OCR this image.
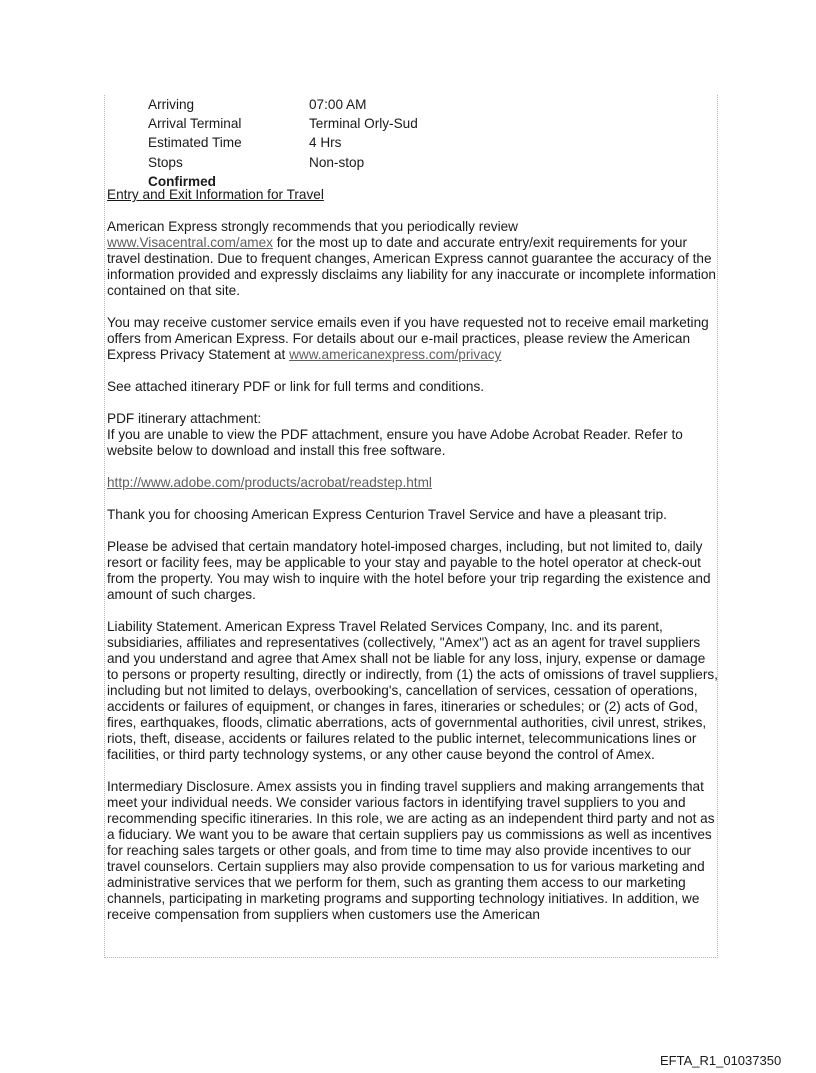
Arriving	07:00 AM
Arrival Terminal	Terminal Orly-Sud
Estimated Time	4 Hrs
Stops	Non-stop
Confirmed

Entry and Exit Information for Travel

American Express strongly recommends that you periodically review
www.Visacentral.com/amex for the most up to date and accurate entry/exit requirements for your travel destination. Due to frequent changes, American Express cannot guarantee the accuracy of the information provided and expressly disclaims any liability for any inaccurate or incomplete information contained on that site.

You may receive customer service emails even if you have requested not to receive email marketing offers from American Express. For details about our e-mail practices, please review the American Express Privacy Statement at www.americanexpress.com/privacy

See attached itinerary PDF or link for full terms and conditions.

PDF itinerary attachment:
If you are unable to view the PDF attachment, ensure you have Adobe Acrobat Reader. Refer to website below to download and install this free software.

http://www.adobe.com/products/acrobat/readstep.html

Thank you for choosing American Express Centurion Travel Service and have a pleasant trip.

Please be advised that certain mandatory hotel-imposed charges, including, but not limited to, daily resort or facility fees, may be applicable to your stay and payable to the hotel operator at check-out from the property. You may wish to inquire with the hotel before your trip regarding the existence and amount of such charges.

Liability Statement. American Express Travel Related Services Company, Inc. and its parent, subsidiaries, affiliates and representatives (collectively, "Amex") act as an agent for travel suppliers and you understand and agree that Amex shall not be liable for any loss, injury, expense or damage to persons or property resulting, directly or indirectly, from (1) the acts of omissions of travel suppliers, including but not limited to delays, overbooking's, cancellation of services, cessation of operations, accidents or failures of equipment, or changes in fares, itineraries or schedules; or (2) acts of God, fires, earthquakes, floods, climatic aberrations, acts of governmental authorities, civil unrest, strikes, riots, theft, disease, accidents or failures related to the public internet, telecommunications lines or facilities, or third party technology systems, or any other cause beyond the control of Amex.

Intermediary Disclosure. Amex assists you in finding travel suppliers and making arrangements that meet your individual needs. We consider various factors in identifying travel suppliers to you and recommending specific itineraries. In this role, we are acting as an independent third party and not as a fiduciary. We want you to be aware that certain suppliers pay us commissions as well as incentives for reaching sales targets or other goals, and from time to time may also provide incentives to our travel counselors. Certain suppliers may also provide compensation to us for various marketing and administrative services that we perform for them, such as granting them access to our marketing channels, participating in marketing programs and supporting technology initiatives. In addition, we receive compensation from suppliers when customers use the American

EFTA_R1_01037350
